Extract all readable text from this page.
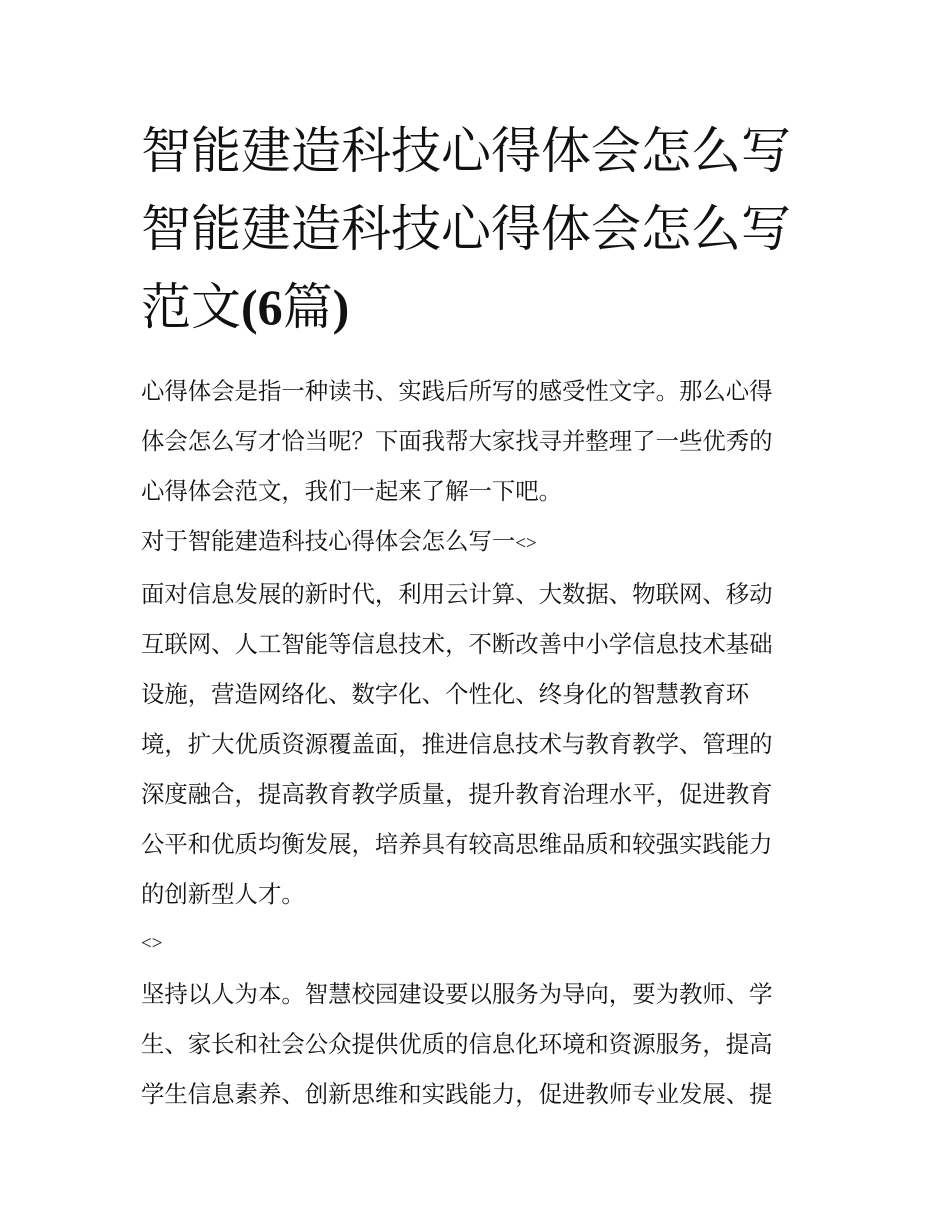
智能建造科技心得体会怎么写
智能建造科技心得体会怎么写
范文(6篇)

心得体会是指一种读书、实践后所写的感受性文字。那么心得
体会怎么写才恰当呢？下面我帮大家找寻并整理了一些优秀的
心得体会范文，我们一起来了解一下吧。

对于智能建造科技心得体会怎么写一<>

面对信息发展的新时代，利用云计算、大数据、物联网、移动
互联网、人工智能等信息技术，不断改善中小学信息技术基础
设施，营造网络化、数字化、个性化、终身化的智慧教育环
境，扩大优质资源覆盖面，推进信息技术与教育教学、管理的
深度融合，提高教育教学质量，提升教育治理水平，促进教育
公平和优质均衡发展，培养具有较高思维品质和较强实践能力
的创新型人才。

<>

坚持以人为本。智慧校园建设要以服务为导向，要为教师、学
生、家长和社会公众提供优质的信息化环境和资源服务，提高
学生信息素养、创新思维和实践能力，促进教师专业发展、提
